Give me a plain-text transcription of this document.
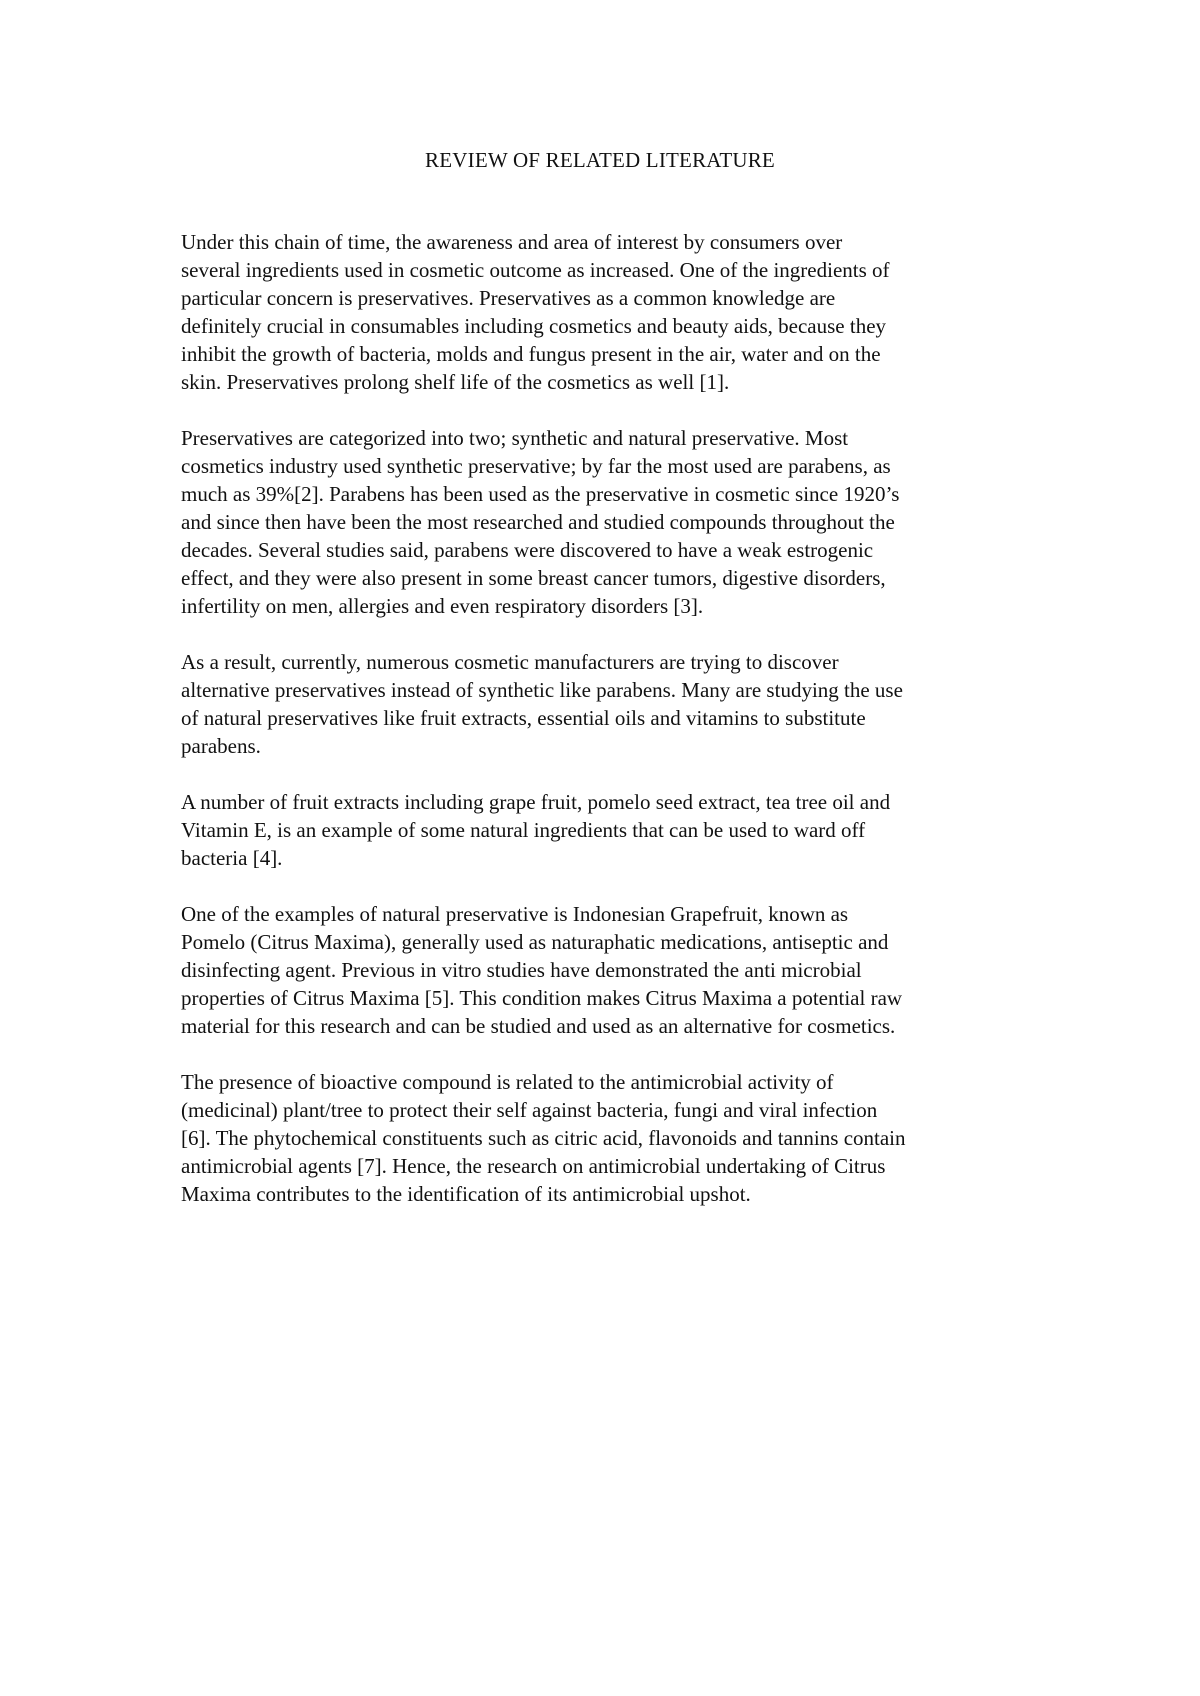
REVIEW OF RELATED LITERATURE

Under this chain of time, the awareness and area of interest by consumers over
several ingredients used in cosmetic outcome as increased. One of the ingredients of
particular concern is preservatives. Preservatives as a common knowledge are
definitely crucial in consumables including cosmetics and beauty aids, because they
inhibit the growth of bacteria, molds and fungus present in the air, water and on the
skin. Preservatives prolong shelf life of the cosmetics as well [1].

Preservatives are categorized into two; synthetic and natural preservative. Most
cosmetics industry used synthetic preservative; by far the most used are parabens, as
much as 39%[2]. Parabens has been used as the preservative in cosmetic since 1920’s
and since then have been the most researched and studied compounds throughout the
decades. Several studies said, parabens were discovered to have a weak estrogenic
effect, and they were also present in some breast cancer tumors, digestive disorders,
infertility on men, allergies and even respiratory disorders [3].

As a result, currently, numerous cosmetic manufacturers are trying to discover
alternative preservatives instead of synthetic like parabens. Many are studying the use
of natural preservatives like fruit extracts, essential oils and vitamins to substitute
parabens.

A number of fruit extracts including grape fruit, pomelo seed extract, tea tree oil and
Vitamin E, is an example of some natural ingredients that can be used to ward off
bacteria [4].

One of the examples of natural preservative is Indonesian Grapefruit, known as
Pomelo (Citrus Maxima), generally used as naturaphatic medications, antiseptic and
disinfecting agent. Previous in vitro studies have demonstrated the anti microbial
properties of Citrus Maxima [5]. This condition makes Citrus Maxima a potential raw
material for this research and can be studied and used as an alternative for cosmetics.

The presence of bioactive compound is related to the antimicrobial activity of
(medicinal) plant/tree to protect their self against bacteria, fungi and viral infection
[6]. The phytochemical constituents such as citric acid, flavonoids and tannins contain
antimicrobial agents [7]. Hence, the research on antimicrobial undertaking of Citrus
Maxima contributes to the identification of its antimicrobial upshot.
